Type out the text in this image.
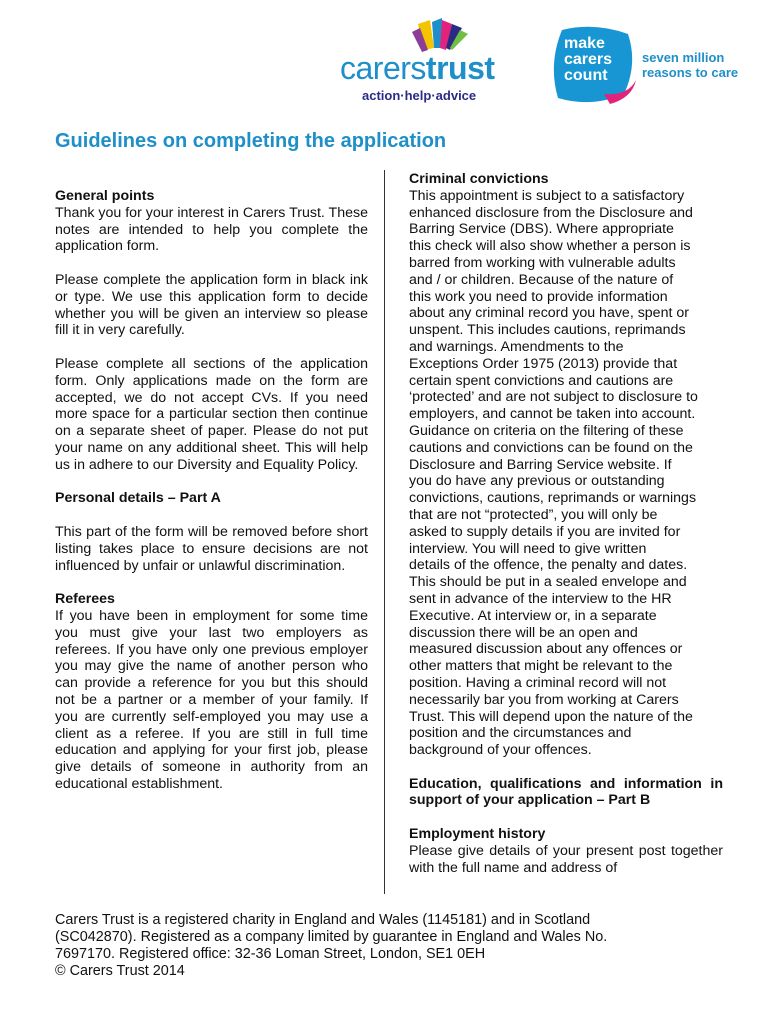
carerstrust
action·help·advice
make
carers
count
seven million
reasons to care
Guidelines on completing the application

General points
Thank you for your interest in Carers Trust. These notes are intended to help you complete the application form.

Please complete the application form in black ink or type. We use this application form to decide whether you will be given an interview so please fill it in very carefully.

Please complete all sections of the application form. Only applications made on the form are accepted, we do not accept CVs. If you need more space for a particular section then continue on a separate sheet of paper. Please do not put your name on any additional sheet. This will help us in adhere to our Diversity and Equality Policy.

Personal details – Part A

This part of the form will be removed before short listing takes place to ensure decisions are not influenced by unfair or unlawful discrimination.

Referees
If you have been in employment for some time you must give your last two employers as referees. If you have only one previous employer you may give the name of another person who can provide a reference for you but this should not be a partner or a member of your family. If you are currently self-employed you may use a client as a referee. If you are still in full time education and applying for your first job, please give details of someone in authority from an educational establishment.

Criminal convictions
This appointment is subject to a satisfactory
enhanced disclosure from the Disclosure and
Barring Service (DBS). Where appropriate
this check will also show whether a person is
barred from working with vulnerable adults
and / or children. Because of the nature of
this work you need to provide information
about any criminal record you have, spent or
unspent. This includes cautions, reprimands
and warnings. Amendments to the
Exceptions Order 1975 (2013) provide that
certain spent convictions and cautions are
‘protected’ and are not subject to disclosure to
employers, and cannot be taken into account.
Guidance on criteria on the filtering of these
cautions and convictions can be found on the
Disclosure and Barring Service website. If
you do have any previous or outstanding
convictions, cautions, reprimands or warnings
that are not “protected”, you will only be
asked to supply details if you are invited for
interview. You will need to give written
details of the offence, the penalty and dates.
This should be put in a sealed envelope and
sent in advance of the interview to the HR
Executive. At interview or, in a separate
discussion there will be an open and
measured discussion about any offences or
other matters that might be relevant to the
position. Having a criminal record will not
necessarily bar you from working at Carers
Trust. This will depend upon the nature of the
position and the circumstances and
background of your offences.

Education, qualifications and information in support of your application – Part B

Employment history
Please give details of your present post together with the full name and address of

Carers Trust is a registered charity in England and Wales (1145181) and in Scotland
(SC042870). Registered as a company limited by guarantee in England and Wales No.
7697170. Registered office: 32-36 Loman Street, London, SE1 0EH
© Carers Trust 2014
